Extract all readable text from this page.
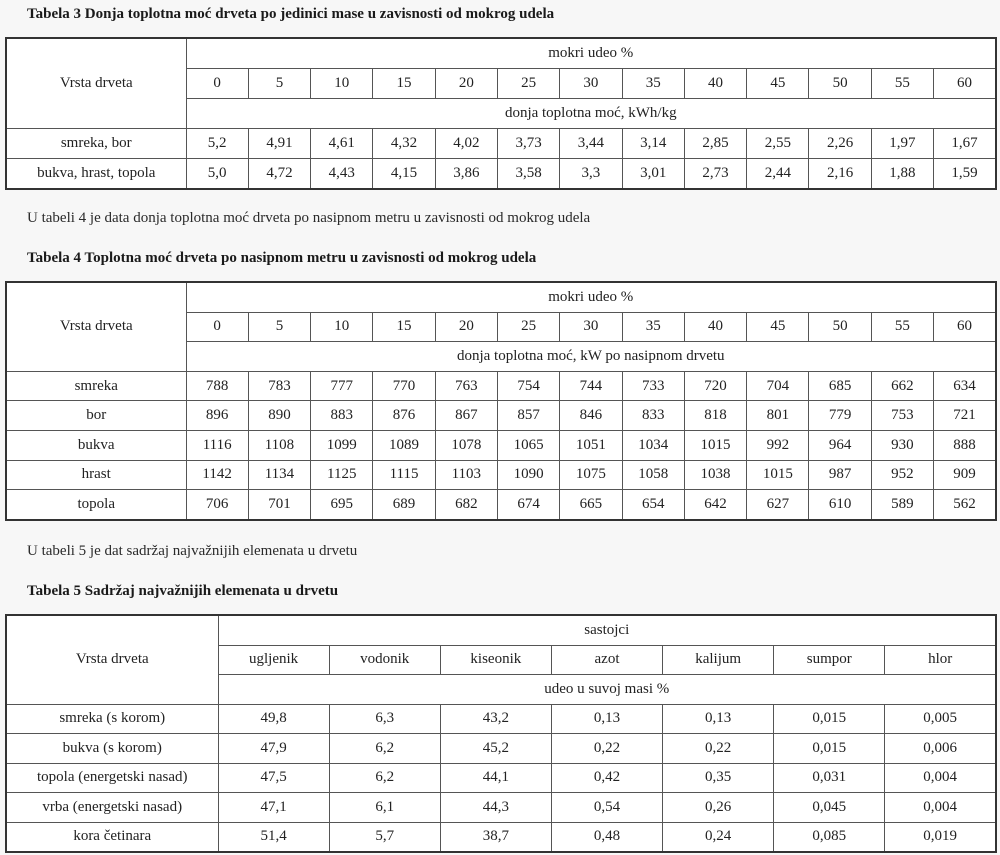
Tabela 3 Donja toplotna moć drveta po jedinici mase u zavisnosti od mokrog udela
Vrsta drveta	mokri udeo %												
	0	5	10	15	20	25	30	35	40	45	50	55	60
	donja toplotna moć, kWh/kg												
smreka, bor	5,2	4,91	4,61	4,32	4,02	3,73	3,44	3,14	2,85	2,55	2,26	1,97	1,67
bukva, hrast, topola	5,0	4,72	4,43	4,15	3,86	3,58	3,3	3,01	2,73	2,44	2,16	1,88	1,59
U tabeli 4 je data donja toplotna moć drveta po nasipnom metru u zavisnosti od mokrog udela
Tabela 4 Toplotna moć drveta po nasipnom metru u zavisnosti od mokrog udela
Vrsta drveta	mokri udeo %												
	0	5	10	15	20	25	30	35	40	45	50	55	60
	donja toplotna moć, kW po nasipnom drvetu												
smreka	788	783	777	770	763	754	744	733	720	704	685	662	634
bor	896	890	883	876	867	857	846	833	818	801	779	753	721
bukva	1116	1108	1099	1089	1078	1065	1051	1034	1015	992	964	930	888
hrast	1142	1134	1125	1115	1103	1090	1075	1058	1038	1015	987	952	909
topola	706	701	695	689	682	674	665	654	642	627	610	589	562
U tabeli 5 je dat sadržaj najvažnijih elemenata u drvetu
Tabela 5 Sadržaj najvažnijih elemenata u drvetu
Vrsta drveta	sastojci						
	ugljenik	vodonik	kiseonik	azot	kalijum	sumpor	hlor
	udeo u suvoj masi %						
smreka (s korom)	49,8	6,3	43,2	0,13	0,13	0,015	0,005
bukva (s korom)	47,9	6,2	45,2	0,22	0,22	0,015	0,006
topola (energetski nasad)	47,5	6,2	44,1	0,42	0,35	0,031	0,004
vrba (energetski nasad)	47,1	6,1	44,3	0,54	0,26	0,045	0,004
kora četinara	51,4	5,7	38,7	0,48	0,24	0,085	0,019
